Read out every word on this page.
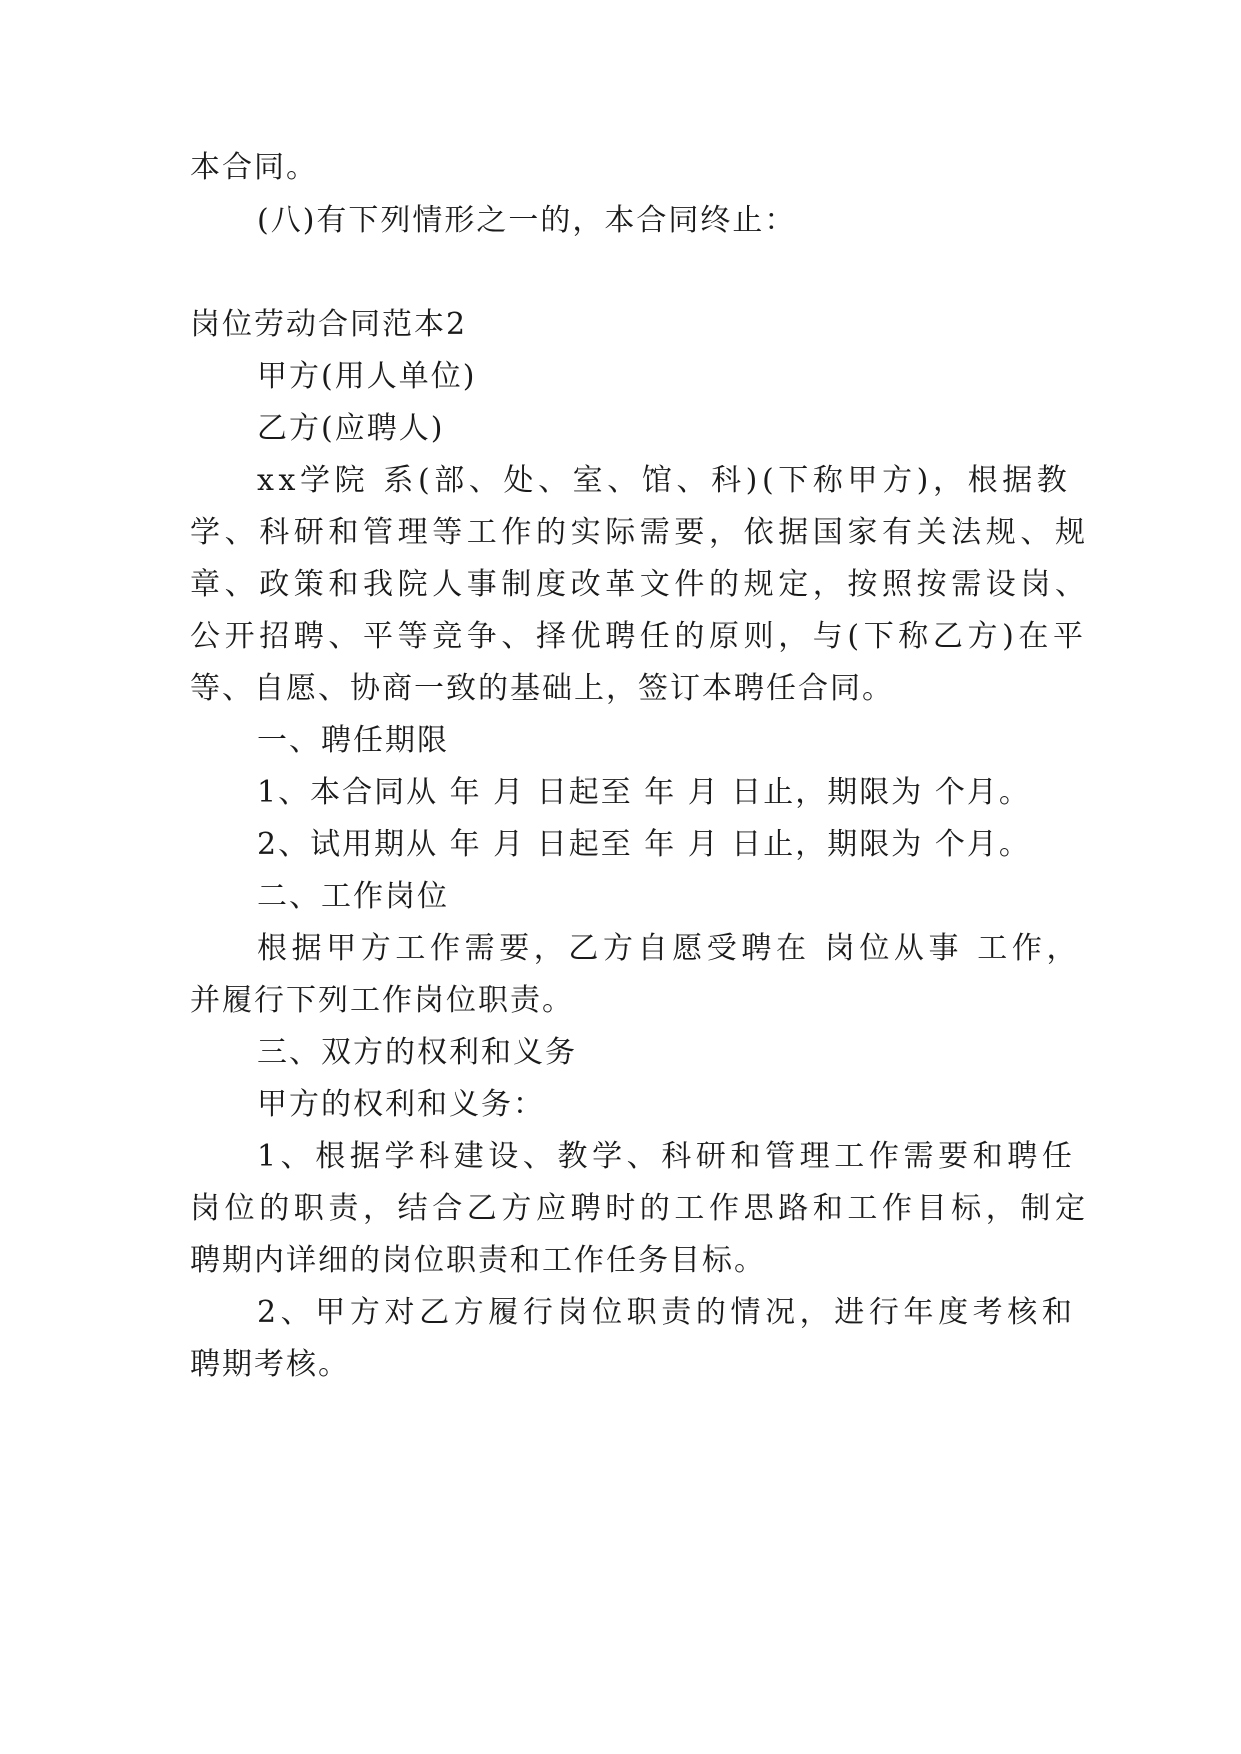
本合同。
(八)有下列情形之一的，本合同终止：
岗位劳动合同范本2
甲方(用人单位)
乙方(应聘人)
xx学院 系(部、处、室、馆、科)(下称甲方)，根据教
学、科研和管理等工作的实际需要，依据国家有关法规、规
章、政策和我院人事制度改革文件的规定，按照按需设岗、
公开招聘、平等竞争、择优聘任的原则，与(下称乙方)在平
等、自愿、协商一致的基础上，签订本聘任合同。
一、聘任期限
1、本合同从 年 月 日起至 年 月 日止，期限为 个月。
2、试用期从 年 月 日起至 年 月 日止，期限为 个月。
二、工作岗位
根据甲方工作需要，乙方自愿受聘在 岗位从事 工作，
并履行下列工作岗位职责。
三、双方的权利和义务
甲方的权利和义务：
1、根据学科建设、教学、科研和管理工作需要和聘任
岗位的职责，结合乙方应聘时的工作思路和工作目标，制定
聘期内详细的岗位职责和工作任务目标。
2、甲方对乙方履行岗位职责的情况，进行年度考核和
聘期考核。
